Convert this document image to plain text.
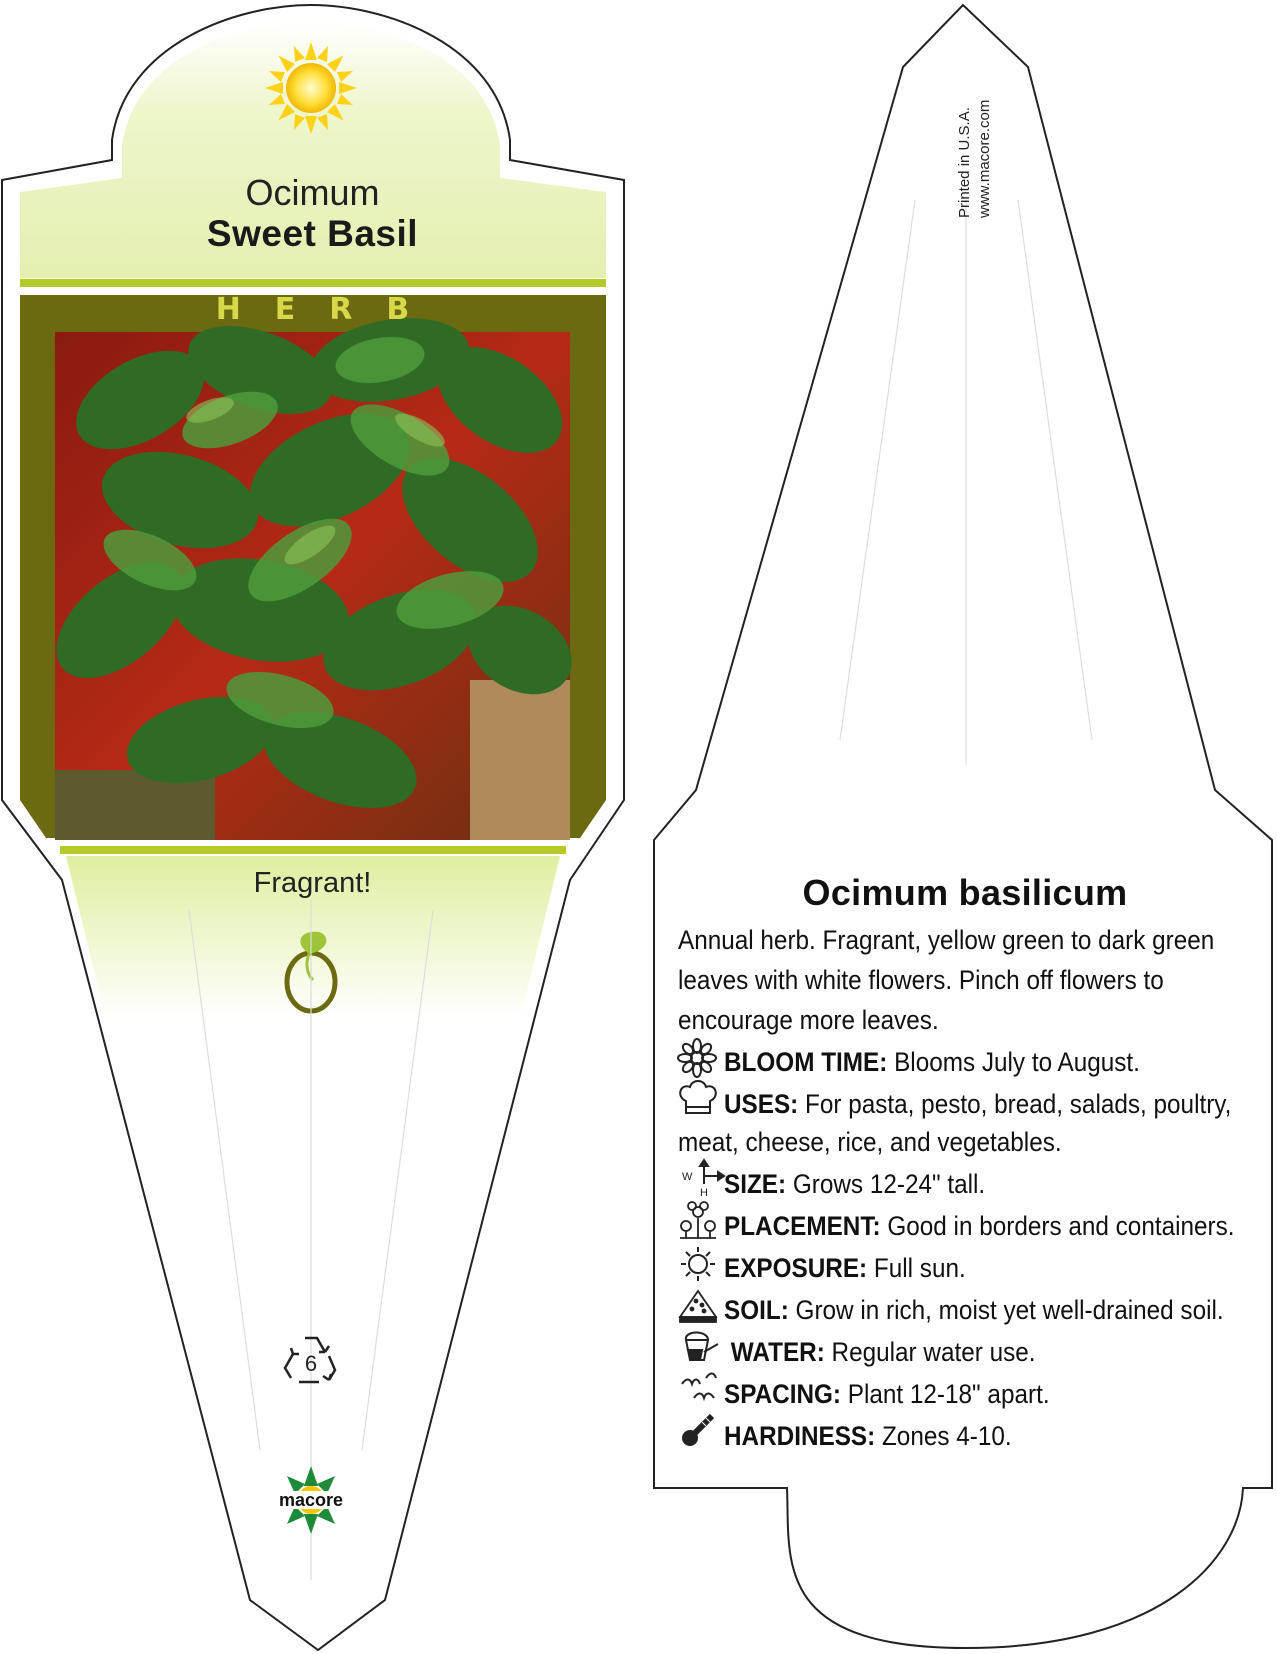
6
macore
W
H
Ocimum
Sweet Basil
HERB
Fragrant!
Printed in U.S.A. www.macore.com
Ocimum basilicum
Annual herb. Fragrant, yellow green to dark green leaves with white flowers. Pinch off flowers to encourage more leaves.
BLOOM TIME: Blooms July to August.
USES: For pasta, pesto, bread, salads, poultry,
meat, cheese, rice, and vegetables.
SIZE: Grows 12-24" tall.
PLACEMENT: Good in borders and containers.
EXPOSURE: Full sun.
SOIL: Grow in rich, moist yet well-drained soil.
WATER: Regular water use.
SPACING: Plant 12-18" apart.
HARDINESS: Zones 4-10.
